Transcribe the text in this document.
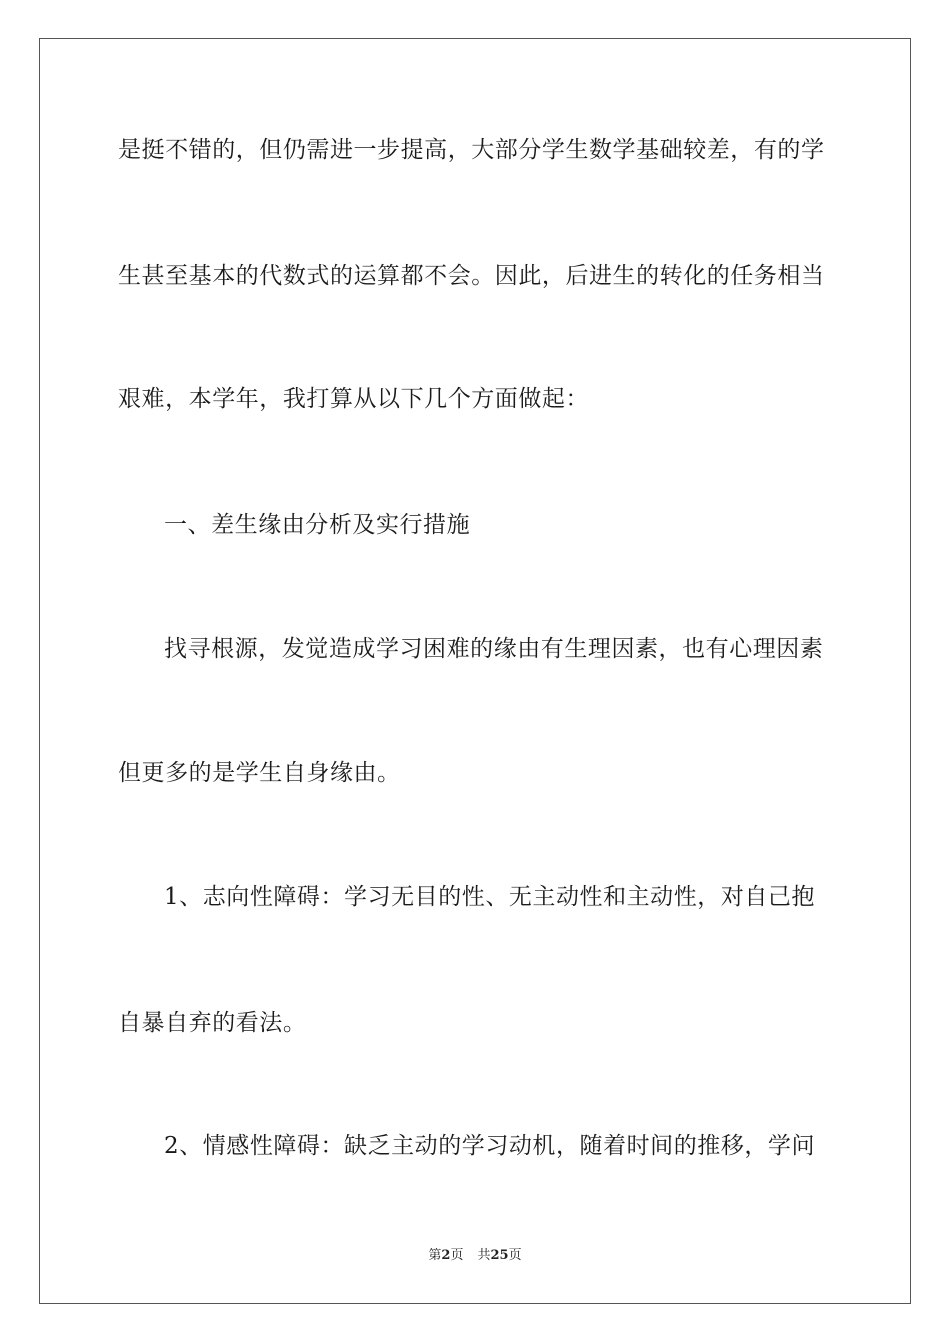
是挺不错的，但仍需进一步提高，大部分学生数学基础较差，有的学
生甚至基本的代数式的运算都不会。因此，后进生的转化的任务相当
艰难，本学年，我打算从以下几个方面做起：
一、差生缘由分析及实行措施
找寻根源，发觉造成学习困难的缘由有生理因素，也有心理因素
但更多的是学生自身缘由。
1、志向性障碍：学习无目的性、无主动性和主动性，对自己抱
自暴自弃的看法。
2、情感性障碍：缺乏主动的学习动机，随着时间的推移，学问
第2页 共25页
